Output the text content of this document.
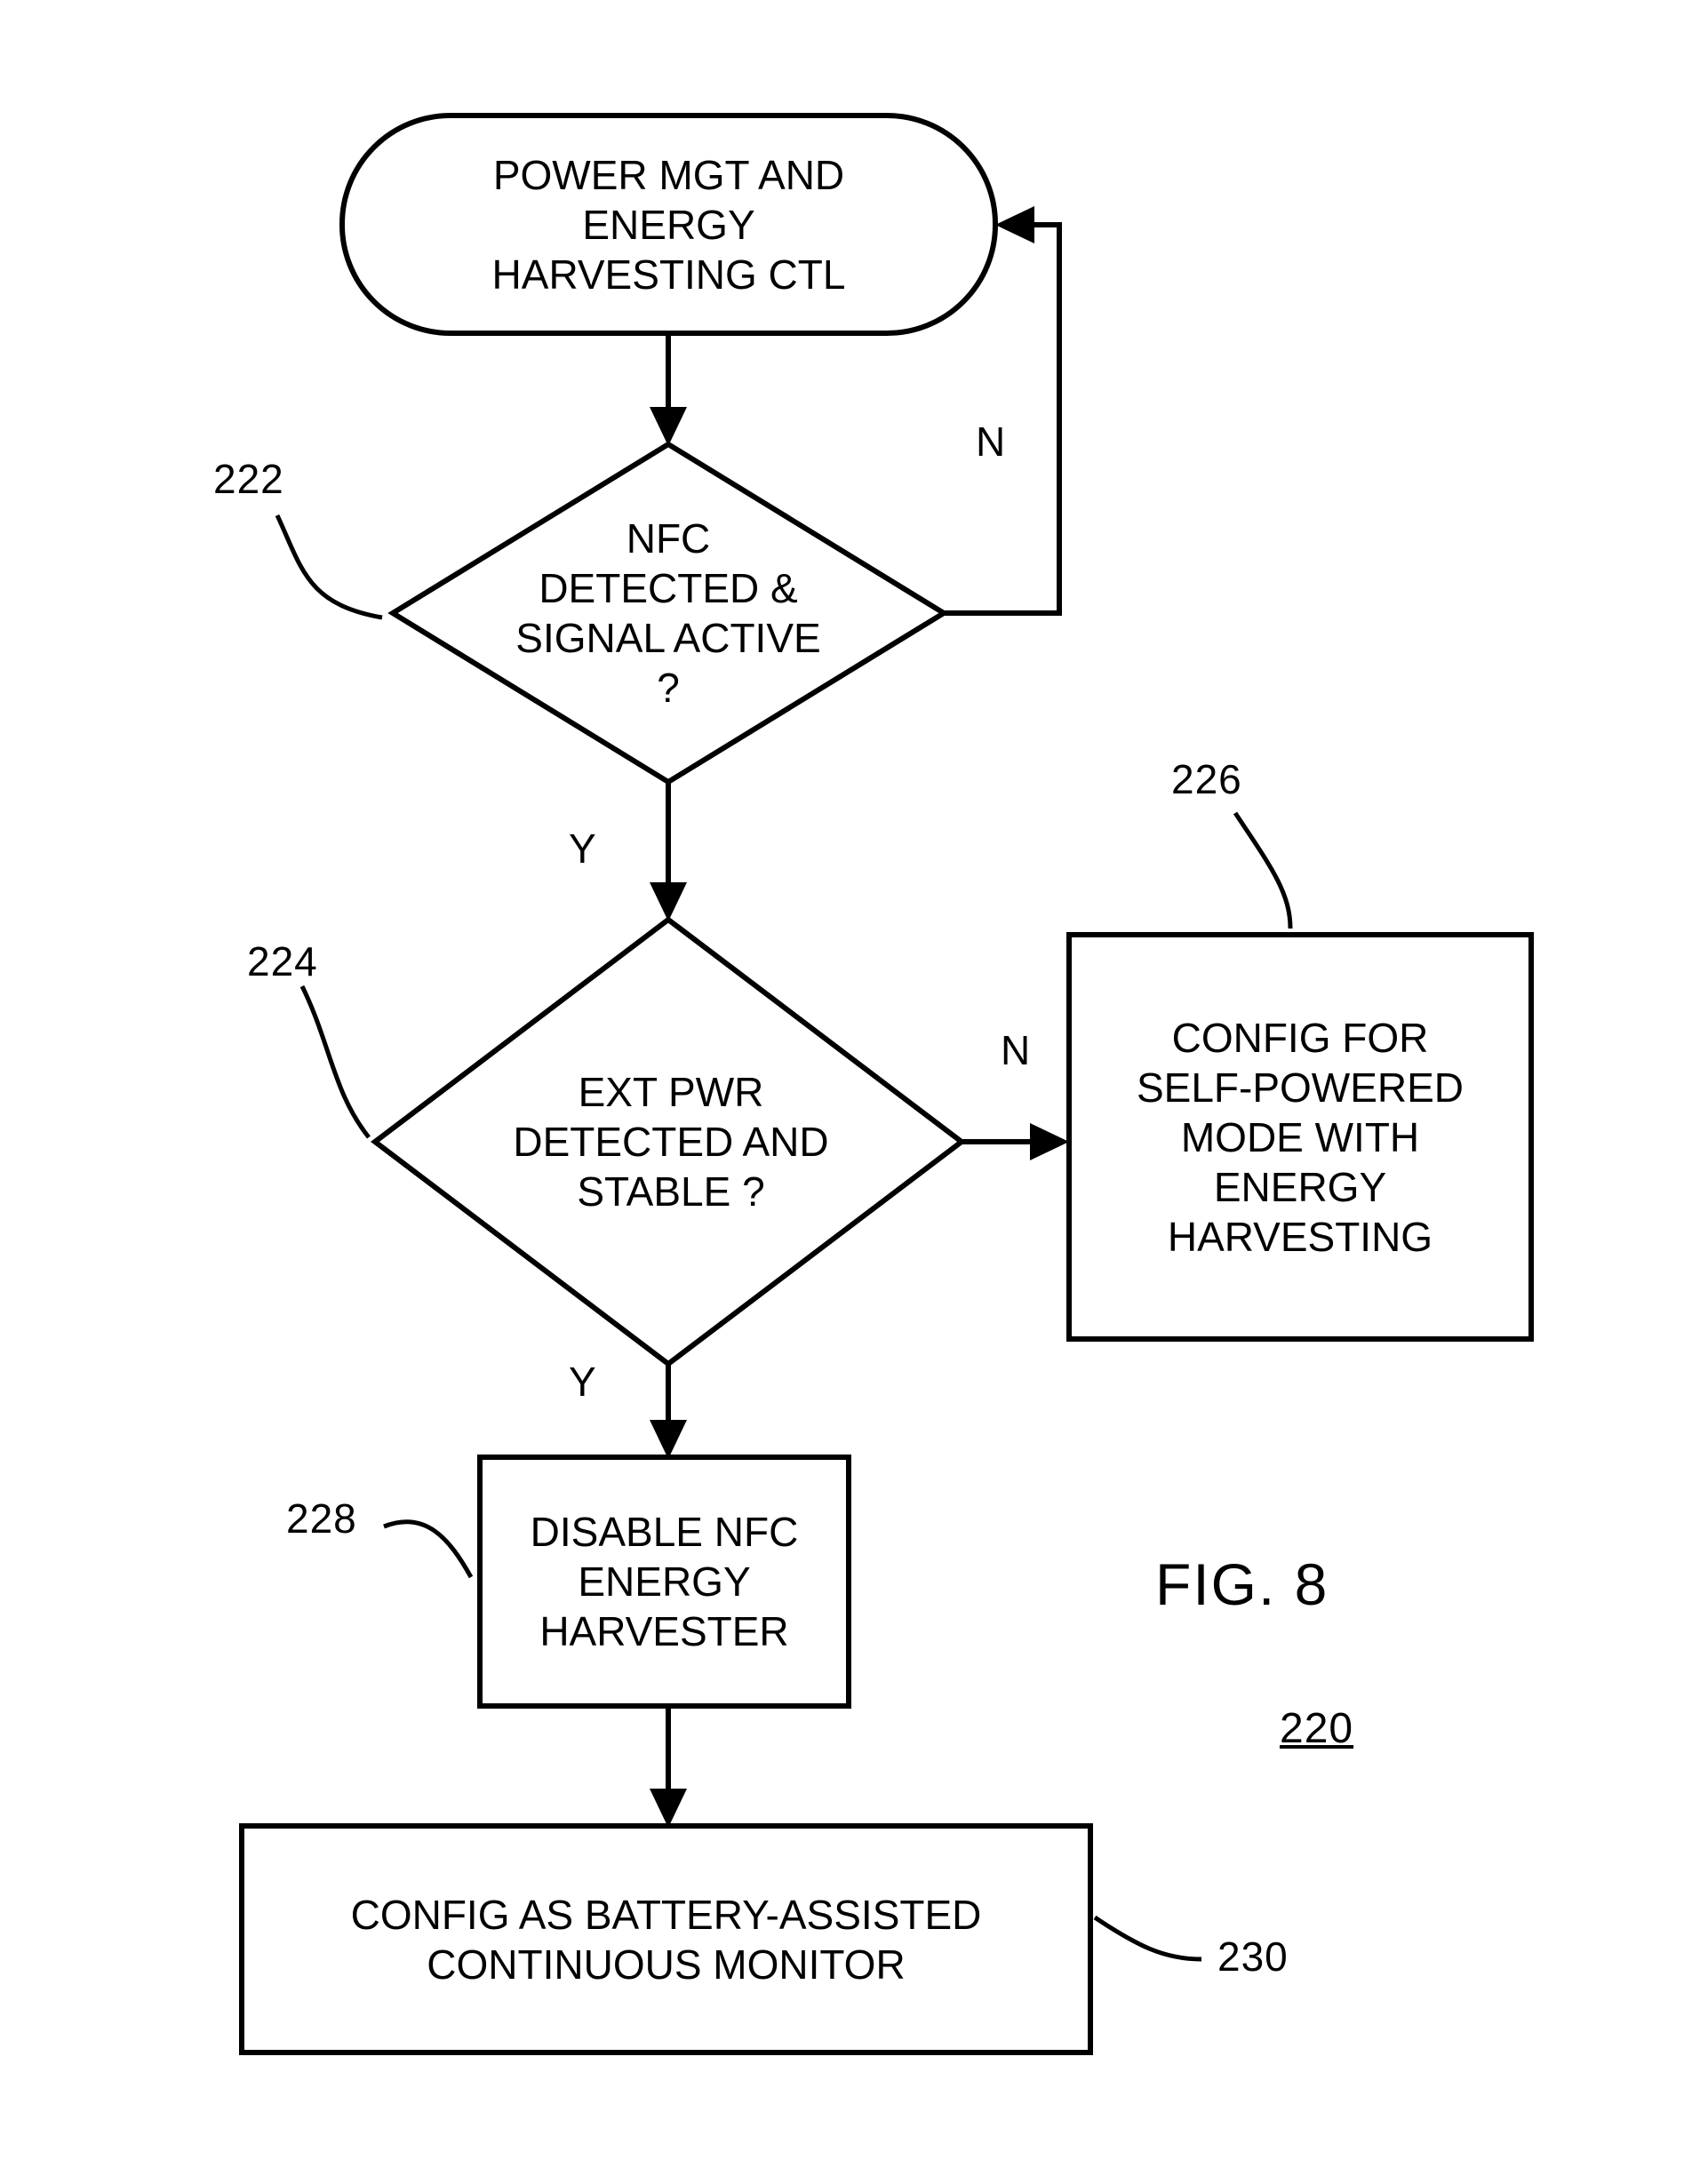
POWER MGT AND
ENERGY
HARVESTING CTL
NFC
DETECTED &
SIGNAL ACTIVE
?
EXT PWR
DETECTED AND
STABLE ?
CONFIG FOR
SELF-POWERED
MODE WITH
ENERGY
HARVESTING
DISABLE NFC
ENERGY
HARVESTER
CONFIG AS BATTERY-ASSISTED
CONTINUOUS MONITOR
222
224
226
228
230
N
Y
N
Y
FIG. 8
220
